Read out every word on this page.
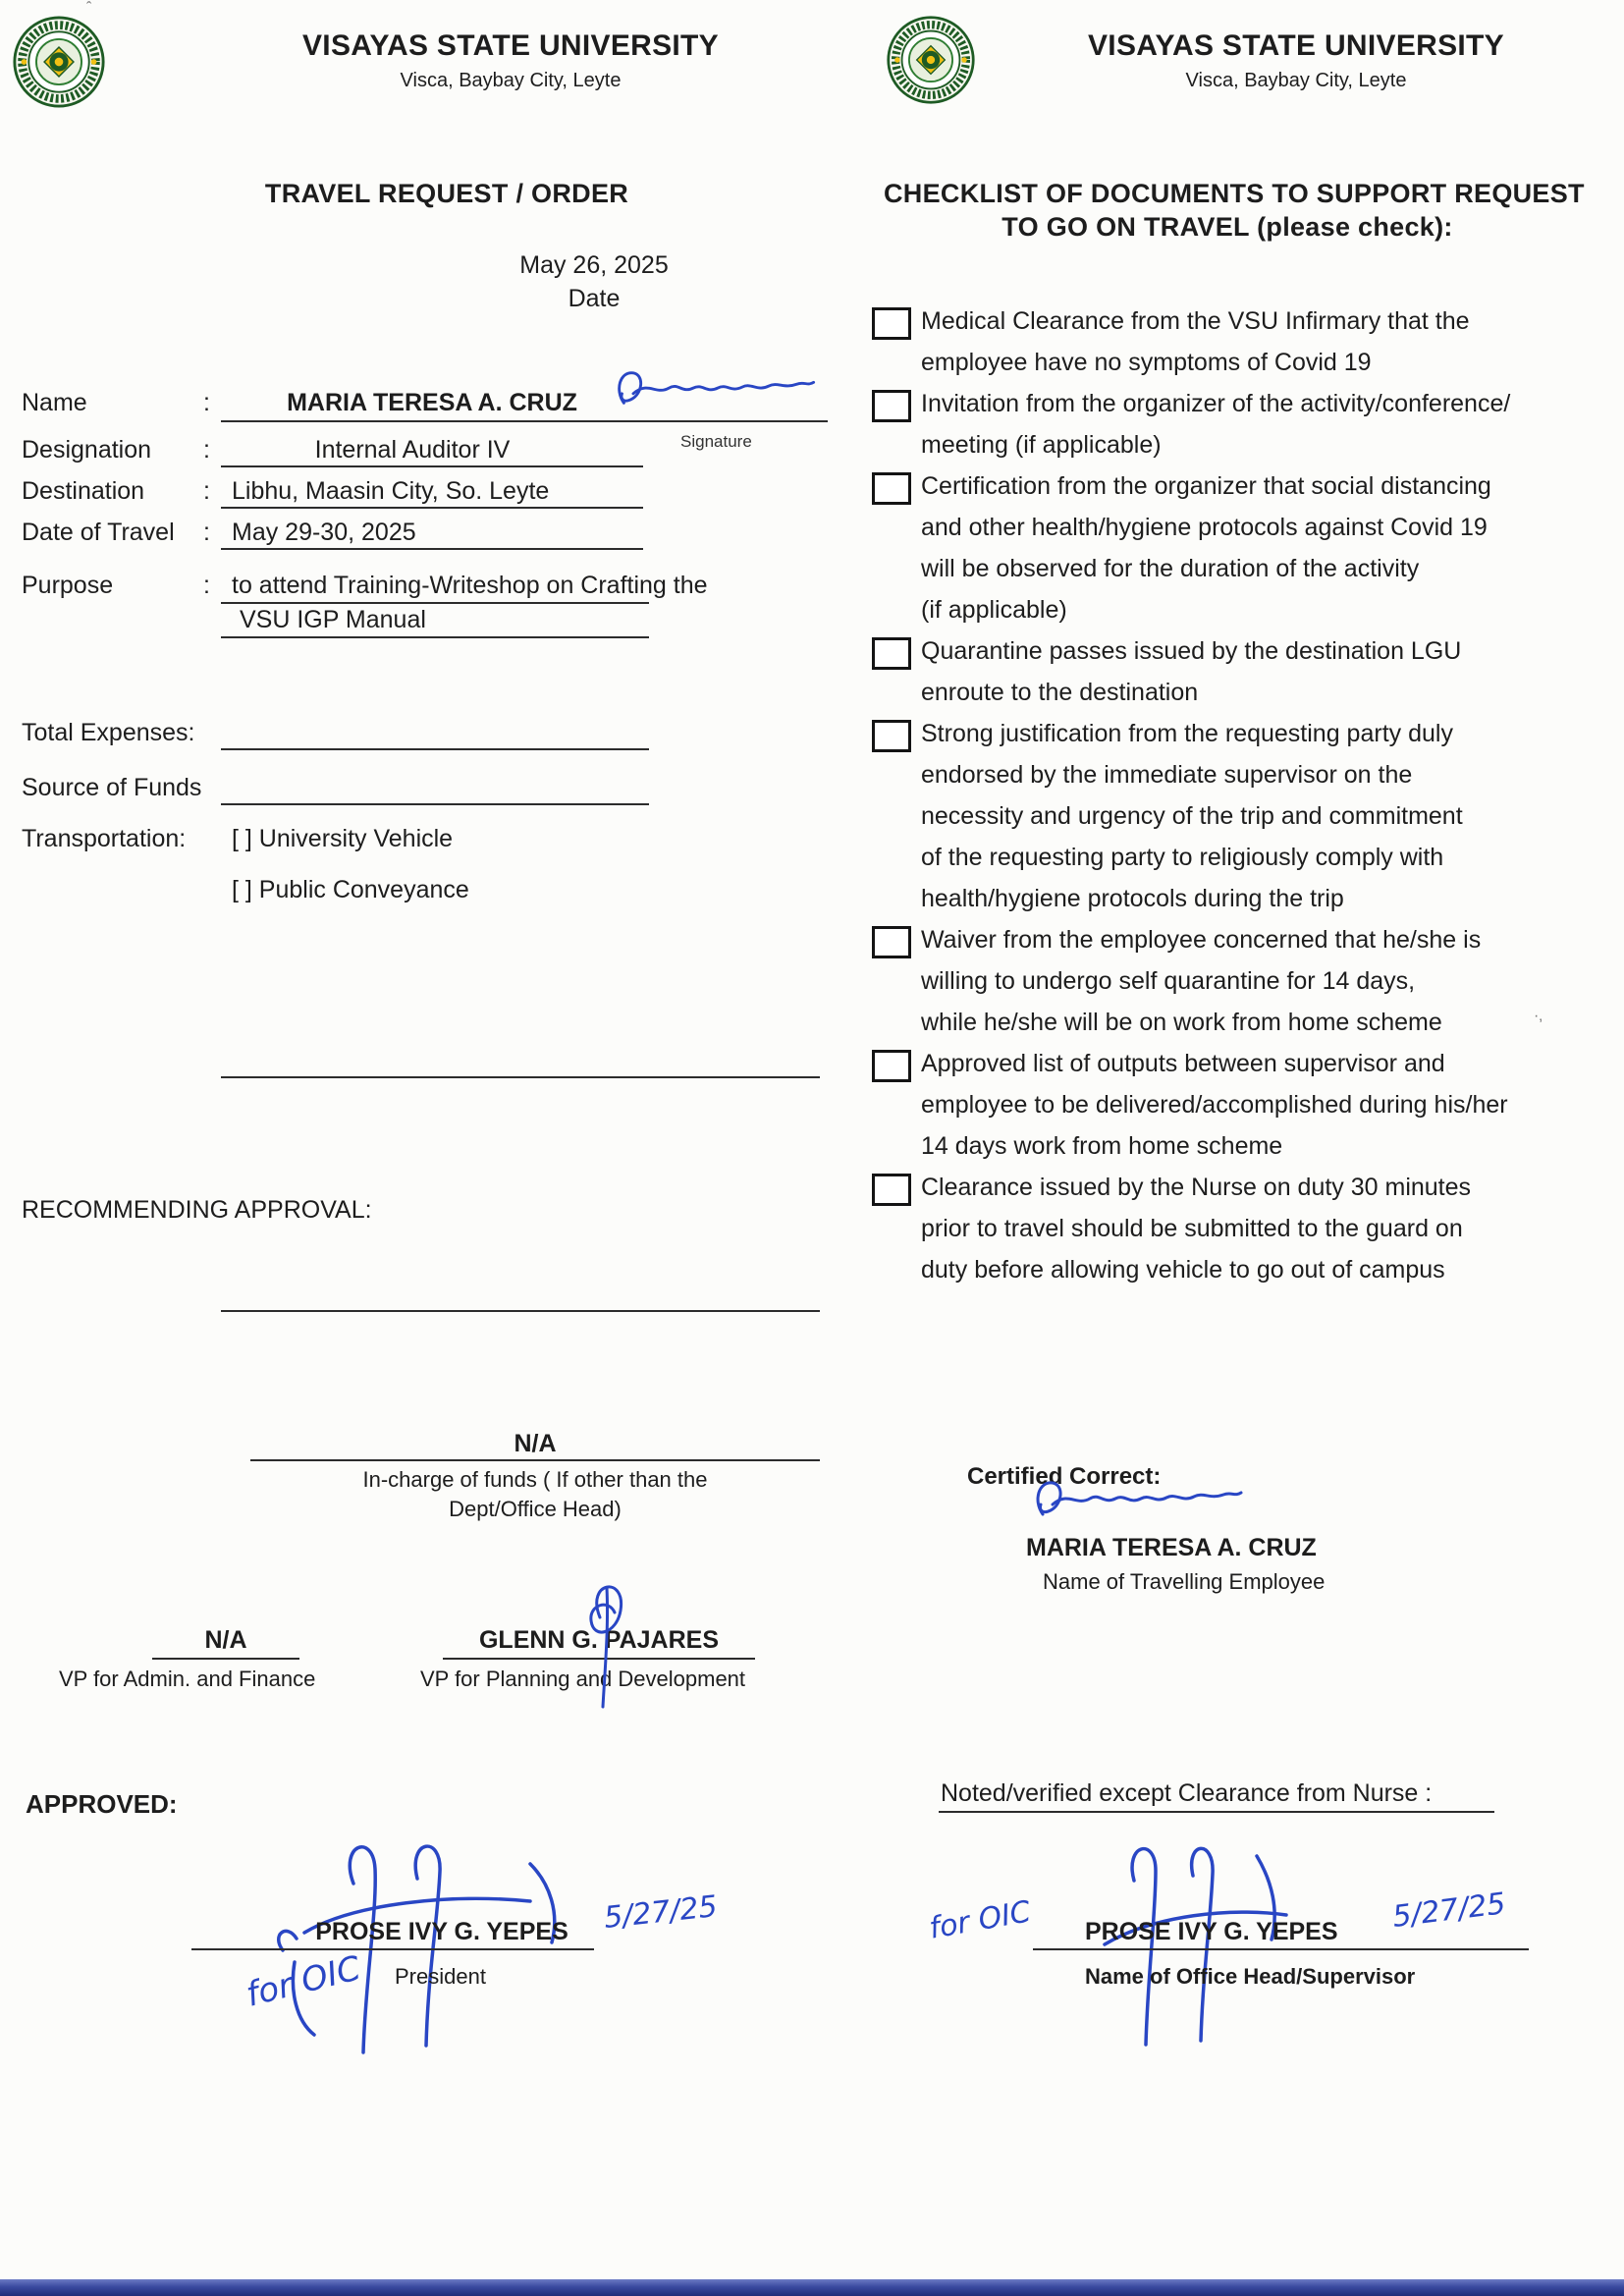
VISAYAS STATE UNIVERSITY
Visca, Baybay City, Leyte
TRAVEL REQUEST / ORDER
May 26, 2025
Date
Name	:	MARIA TERESA A. CRUZ
Signature
Designation :	Internal Auditor IV
Destination : Libhu, Maasin City, So. Leyte
Date of Travel : May 29-30, 2025
Purpose	: to attend Training-Writeshop on Crafting the
VSU IGP Manual
Total Expenses:
Source of Funds
Transportation: [ ] University Vehicle
[ ] Public Conveyance
RECOMMENDING APPROVAL:
N/A
In-charge of funds ( If other than the
Dept/Office Head)
N/A
VP for Admin. and Finance
GLENN G. PAJARES
VP for Planning and Development
APPROVED:
PROSE IVY G. YEPES	5/27/25
President
for OIC
VISAYAS STATE UNIVERSITY
Visca, Baybay City, Leyte
CHECKLIST OF DOCUMENTS TO SUPPORT REQUEST
TO GO ON TRAVEL (please check):
Medical Clearance from the VSU Infirmary that the
employee have no symptoms of Covid 19
Invitation from the organizer of the activity/conference/
meeting (if applicable)
Certification from the organizer that social distancing
and other health/hygiene protocols against Covid 19
will be observed for the duration of the activity
(if applicable)
Quarantine passes issued by the destination LGU
enroute to the destination
Strong justification from the requesting party duly
endorsed by the immediate supervisor on the
necessity and urgency of the trip and commitment
of the requesting party to religiously comply with
health/hygiene protocols during the trip
Waiver from the employee concerned that he/she is
willing to undergo self quarantine for 14 days,
while he/she will be on work from home scheme
Approved list of outputs between supervisor and
employee to be delivered/accomplished during his/her
14 days work from home scheme
Clearance issued by the Nurse on duty 30 minutes
prior to travel should be submitted to the guard on
duty before allowing vehicle to go out of campus
Certified Correct:
MARIA TERESA A. CRUZ
Name of Travelling Employee
Noted/verified except Clearance from Nurse :
for OIC PROSE IVY G. YEPES 5/27/25
Name of Office Head/Supervisor
ˆ
·‚
